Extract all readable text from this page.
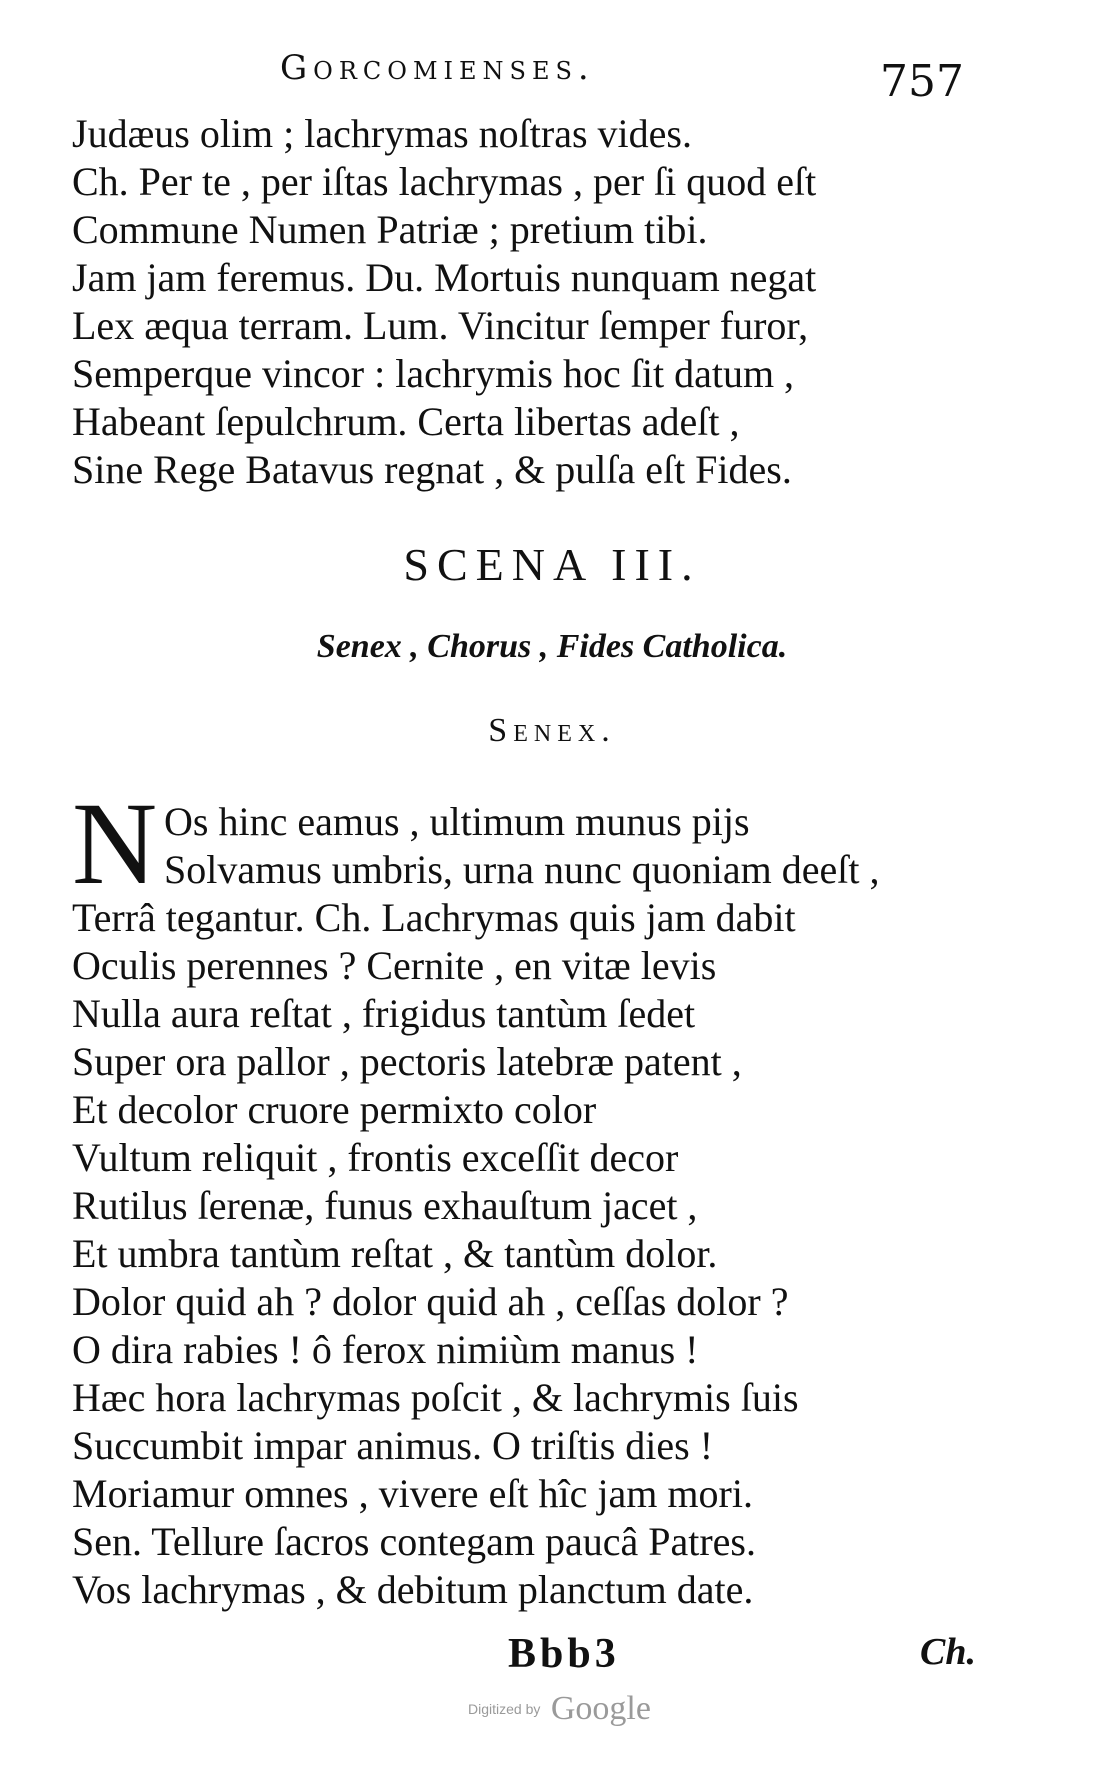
Gorcomienses.	757
Judæus olim ; lachrymas noſtras vides.
Ch. Per te , per iſtas lachrymas , per ſi quod eſt
Commune Numen Patriæ ; pretium tibi.
Jam jam feremus. Du. Mortuis nunquam negat
Lex æqua terram. Lum. Vincitur ſemper furor,
Semperque vincor : lachrymis hoc ſit datum ,
Habeant ſepulchrum. Certa libertas adeſt ,
Sine Rege Batavus regnat , & pulſa eſt Fides.
SCENA III.
Senex , Chorus , Fides Catholica.
Senex.
N Os hinc eamus , ultimum munus pijs
Solvamus umbris, urna nunc quoniam deeſt ,
Terrâ tegantur. Ch. Lachrymas quis jam dabit
Oculis perennes ? Cernite , en vitæ levis
Nulla aura reſtat , frigidus tantùm ſedet
Super ora pallor , pectoris latebræ patent ,
Et decolor cruore permixto color
Vultum reliquit , frontis exceſſit decor
Rutilus ſerenæ, funus exhauſtum jacet ,
Et umbra tantùm reſtat , & tantùm dolor.
Dolor quid ah ? dolor quid ah , ceſſas dolor ?
O dira rabies ! ô ferox nimiùm manus !
Hæc hora lachrymas poſcit , & lachrymis ſuis
Succumbit impar animus. O triſtis dies !
Moriamur omnes , vivere eſt hîc jam mori.
Sen. Tellure ſacros contegam paucâ Patres.
Vos lachrymas , & debitum planctum date.
Bbb3	Ch.
Digitized by Google
